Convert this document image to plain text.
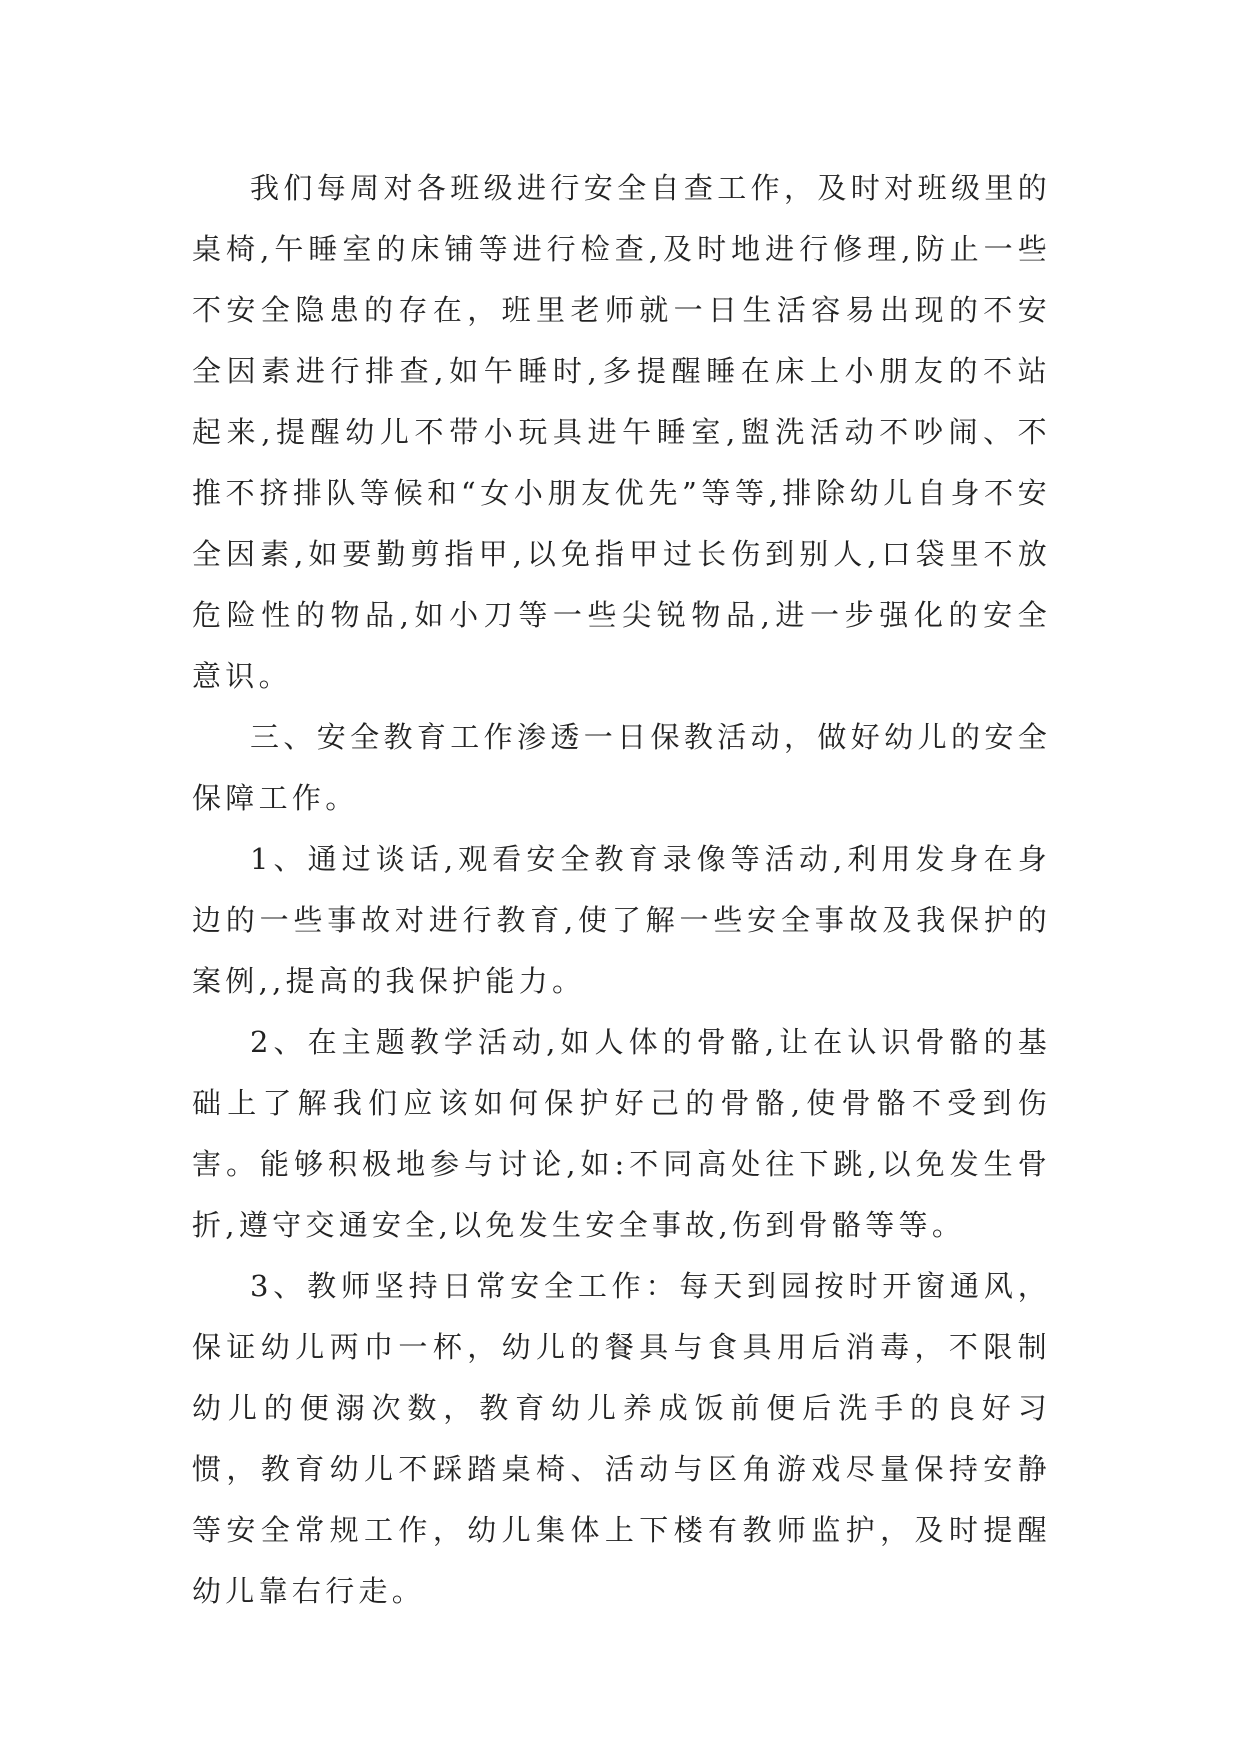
我们每周对各班级进行安全自查工作，及时对班级里的桌椅,午睡室的床铺等进行检查,及时地进行修理,防止一些不安全隐患的存在，班里老师就一日生活容易出现的不安全因素进行排查,如午睡时,多提醒睡在床上小朋友的不站起来,提醒幼儿不带小玩具进午睡室,盥洗活动不吵闹、不推不挤排队等候和“女小朋友优先”等等,排除幼儿自身不安全因素,如要勤剪指甲,以免指甲过长伤到别人,口袋里不放危险性的物品,如小刀等一些尖锐物品,进一步强化的安全意识。

三、安全教育工作渗透一日保教活动，做好幼儿的安全保障工作。

1、通过谈话,观看安全教育录像等活动,利用发身在身边的一些事故对进行教育,使了解一些安全事故及我保护的案例,,提高的我保护能力。

2、在主题教学活动,如人体的骨骼,让在认识骨骼的基础上了解我们应该如何保护好己的骨骼,使骨骼不受到伤害。能够积极地参与讨论,如:不同高处往下跳,以免发生骨折,遵守交通安全,以免发生安全事故,伤到骨骼等等。

3、教师坚持日常安全工作：每天到园按时开窗通风，保证幼儿两巾一杯，幼儿的餐具与食具用后消毒，不限制幼儿的便溺次数，教育幼儿养成饭前便后洗手的良好习惯，教育幼儿不踩踏桌椅、活动与区角游戏尽量保持安静等安全常规工作，幼儿集体上下楼有教师监护，及时提醒幼儿靠右行走。
